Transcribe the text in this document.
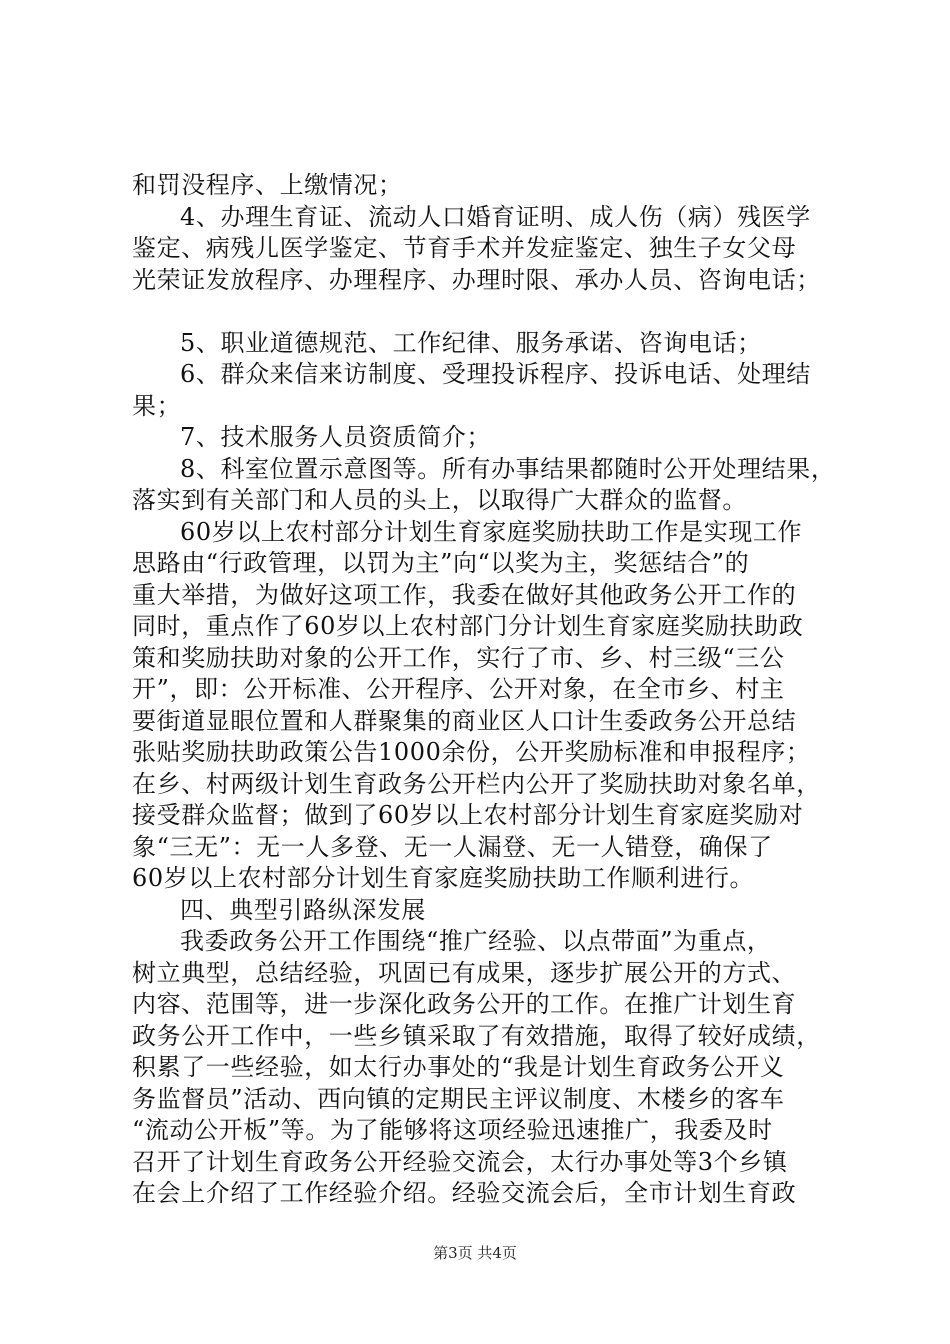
和罚没程序、上缴情况；
4、办理生育证、流动人口婚育证明、成人伤（病）残医学
鉴定、病残儿医学鉴定、节育手术并发症鉴定、独生子女父母
光荣证发放程序、办理程序、办理时限、承办人员、咨询电话；
5、职业道德规范、工作纪律、服务承诺、咨询电话；
6、群众来信来访制度、受理投诉程序、投诉电话、处理结
果；
7、技术服务人员资质简介；
8、科室位置示意图等。所有办事结果都随时公开处理结果，
落实到有关部门和人员的头上，以取得广大群众的监督。
60岁以上农村部分计划生育家庭奖励扶助工作是实现工作
思路由“行政管理，以罚为主”向“以奖为主，奖惩结合”的
重大举措，为做好这项工作，我委在做好其他政务公开工作的
同时，重点作了60岁以上农村部门分计划生育家庭奖励扶助政
策和奖励扶助对象的公开工作，实行了市、乡、村三级“三公
开”，即：公开标准、公开程序、公开对象，在全市乡、村主
要街道显眼位置和人群聚集的商业区人口计生委政务公开总结
张贴奖励扶助政策公告1000余份，公开奖励标准和申报程序；
在乡、村两级计划生育政务公开栏内公开了奖励扶助对象名单，
接受群众监督；做到了60岁以上农村部分计划生育家庭奖励对
象“三无”：无一人多登、无一人漏登、无一人错登，确保了
60岁以上农村部分计划生育家庭奖励扶助工作顺利进行。
四、典型引路纵深发展
我委政务公开工作围绕“推广经验、以点带面”为重点，
树立典型，总结经验，巩固已有成果，逐步扩展公开的方式、
内容、范围等，进一步深化政务公开的工作。在推广计划生育
政务公开工作中，一些乡镇采取了有效措施，取得了较好成绩，
积累了一些经验，如太行办事处的“我是计划生育政务公开义
务监督员”活动、西向镇的定期民主评议制度、木楼乡的客车
“流动公开板”等。为了能够将这项经验迅速推广，我委及时
召开了计划生育政务公开经验交流会，太行办事处等3个乡镇
在会上介绍了工作经验介绍。经验交流会后，全市计划生育政
第3页 共4页
